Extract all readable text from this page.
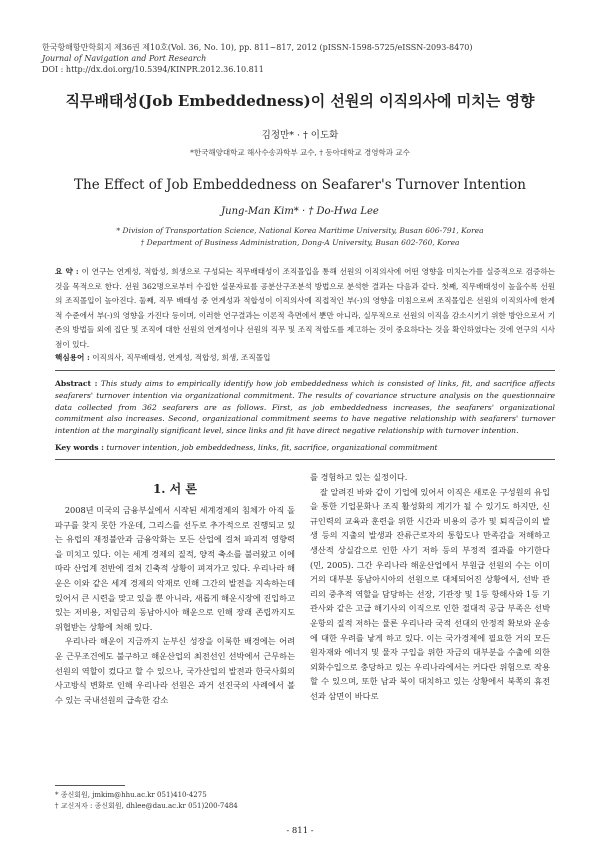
한국항해항만학회지 제36권 제10호(Vol. 36, No. 10), pp. 811~817, 2012 (pISSN-1598-5725/eISSN-2093-8470)
Journal of Navigation and Port Research
DOI : http://dx.doi.org/10.5394/KINPR.2012.36.10.811
직무배태성(Job Embeddedness)이 선원의 이직의사에 미치는 영향
김정만* · † 이도화
*한국해양대학교 해사수송과학부 교수, † 동아대학교 경영학과 교수
The Effect of Job Embeddedness on Seafarer's Turnover Intention
Jung-Man Kim* · † Do-Hwa Lee
* Division of Transportation Science, National Korea Maritime University, Busan 606-791, Korea
† Department of Business Administration, Dong-A University, Busan 602-760, Korea
요 약 : 이 연구는 연계성, 적합성, 희생으로 구성되는 직무배태성이 조직몰입을 통해 선원의 이직의사에 어떤 영향을 미치는가를 실증적으로 검증하는 것을 목적으로 한다. 선원 362명으로부터 수집한 설문자료를 공분산구조분석 방법으로 분석한 결과는 다음과 같다. 첫째, 직무배태성이 높을수록 선원의 조직몰입이 높아진다. 둘째, 직무 배태성 중 연계성과 적합성이 이직의사에 직접적인 부(-)의 영향을 미침으로써 조직몰입은 선원의 이직의사에 한계적 수준에서 부(-)의 영향을 가진다 등이며, 이러한 연구결과는 이론적 측면에서 뿐만 아니라, 실무적으로 선원의 이직을 감소시키기 위한 방안으로서 기존의 방법들 외에 집단 및 조직에 대한 선원의 연계성이나 선원의 직무 및 조직 적합도를 제고하는 것이 중요하다는 것을 확인하였다는 것에 연구의 시사점이 있다.
핵심용어 : 이직의사, 직무배태성, 연계성, 적합성, 희생, 조직몰입
Abstract : This study aims to empirically identify how job embeddedness which is consisted of links, fit, and sacrifice affects seafarers' turnover intention via organizational commitment. The results of covariance structure analysis on the questionnaire data collected from 362 seafarers are as follows. First, as job embeddedness increases, the seafarers' organizational commitment also increases. Second, organizational commitment seems to have negative relationship with seafarers' turnover intention at the marginally significant level, since links and fit have direct negative relationship with turnover intention.
Key words : turnover intention, job embeddedness, links, fit, sacrifice, organizational commitment
1. 서 론

2008년 미국의 금융부실에서 시작된 세계경제의 침체가 아직 돌파구를 찾지 못한 가운데, 그리스를 선두로 추가적으로 진행되고 있는 유럽의 재정불안과 금융악화는 모든 산업에 걸쳐 파괴적 영향력을 미치고 있다. 이는 세계 경제의 질적, 양적 축소를 불러왔고 이에 따라 산업계 전반에 걸쳐 긴축적 상황이 펴져가고 있다. 우리나라 해운은 이와 같은 세계 경제의 악재로 인해 그간의 발전을 지속하는데 있어서 큰 시련을 맞고 있을 뿐 아니라, 새롭게 해운시장에 진입하고 있는 저비용, 저임금의 동남아시아 해운으로 인해 장래 존립까지도 위협받는 상황에 처해 있다.

우리나라 해운이 지금까지 눈부신 성장을 이룩한 배경에는 어려운 근무조건에도 불구하고 해운산업의 최전선인 선박에서 근무하는 선원의 역할이 컸다고 할 수 있으나, 국가산업의 발전과 한국사회의 사고방식 변화로 인해 우리나라 선원은 과거 선진국의 사례에서 볼 수 있는 국내선원의 급속한 감소

를 경험하고 있는 실정이다.

잘 알려진 바와 같이 기업에 있어서 이직은 새로운 구성원의 유입을 통한 기업문화나 조직 활성화의 계기가 될 수 있기도 하지만, 신규인력의 교육과 훈련을 위한 시간과 비용의 증가 및 퇴직금이의 발생 등의 지출의 발생과 잔류근로자의 통합도나 만족감을 저해하고 생산적 상실감으로 인한 사기 저하 등의 부정적 결과를 야기한다(민, 2005). 그간 우리나라 해운산업에서 부원급 선원의 수는 이미 거의 대부분 동남아시아의 선원으로 대체되어진 상황에서, 선박 관리의 중추적 역할을 담당하는 선장, 기관장 및 1등 항해사와 1등 기관사와 같은 고급 해기사의 이직으로 인한 절대적 공급 부족은 선박 운항의 질적 저하는 물론 우리나라 국적 선대의 안정적 확보와 운송에 대한 우려를 낳게 하고 있다. 이는 국가경제에 필요한 거의 모든 원자재와 에너지 및 물자 구입을 위한 자금의 대부분을 수출에 의한 외화수입으로 충당하고 있는 우리나라에서는 커다란 위험으로 작용할 수 있으며, 또한 남과 북이 대치하고 있는 상황에서 북쪽의 휴전선과 삼면이 바다로

* 종신회원, jmkim@hhu.ac.kr 051)410-4275
† 교신저자 : 종신회원, dhlee@dau.ac.kr 051)200-7484
- 811 -
